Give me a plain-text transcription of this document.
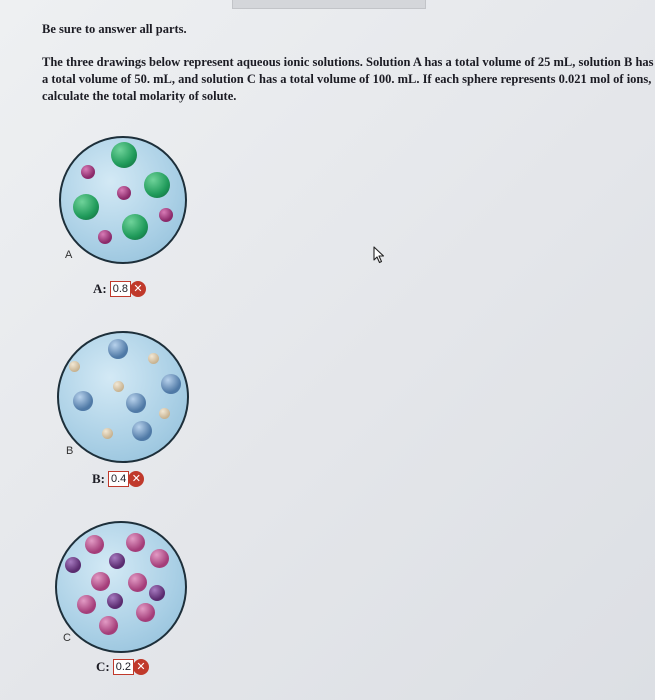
Be sure to answer all parts.
The three drawings below represent aqueous ionic solutions. Solution A has a total volume of 25 mL, solution B has a total volume of 50. mL, and solution C has a total volume of 100. mL. If each sphere represents 0.021 mol of ions, calculate the total molarity of solute.
A
A: 0.8 ✕
B
B: 0.4 ✕
C
C: 0.2 ✕
